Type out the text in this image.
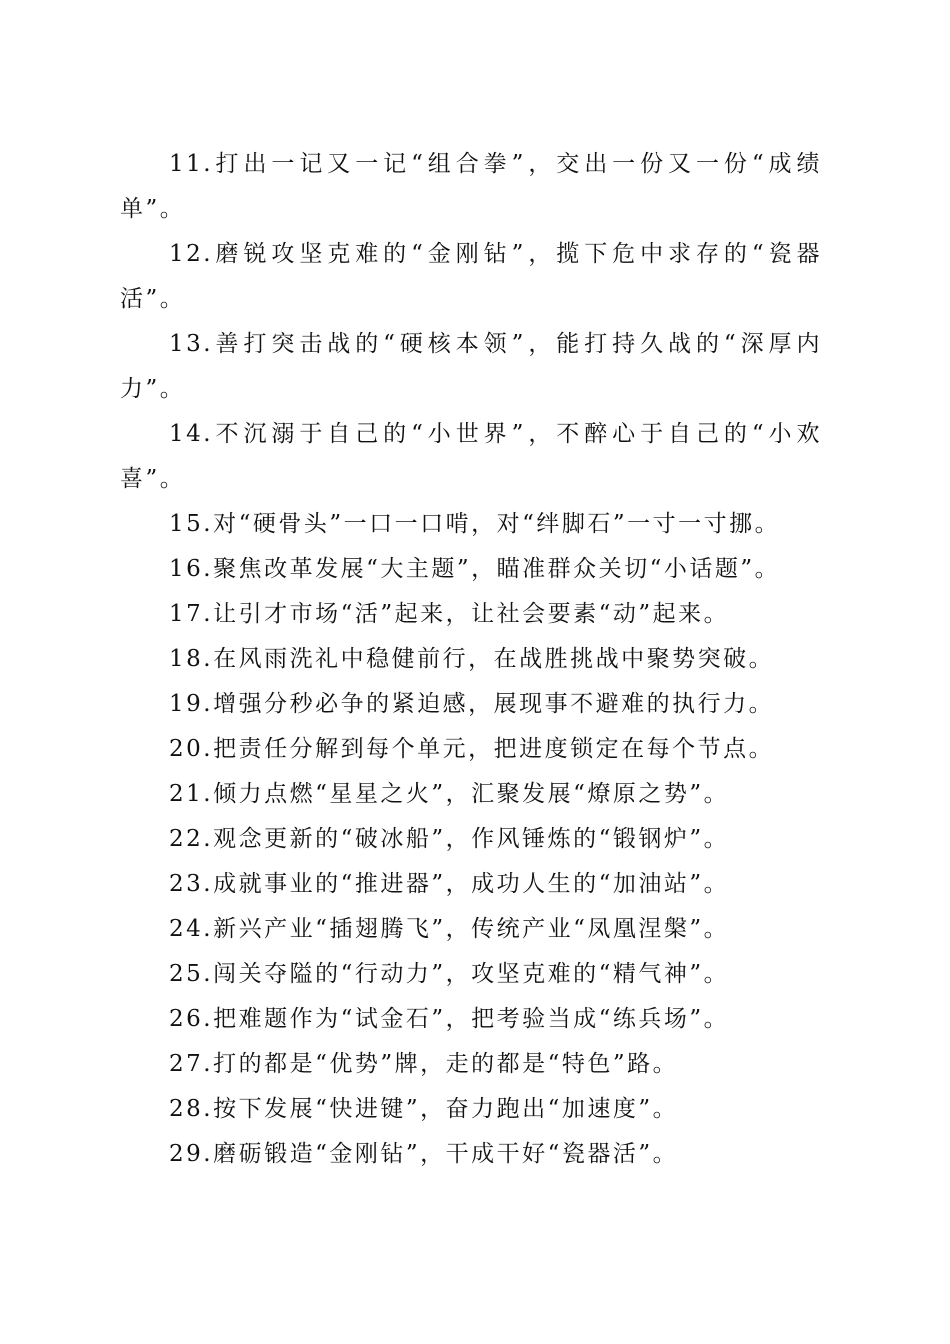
11.打出一记又一记“组合拳”，交出一份又一份“成绩单”。

12.磨锐攻坚克难的“金刚钻”，揽下危中求存的“瓷器活”。

13.善打突击战的“硬核本领”，能打持久战的“深厚内力”。

14.不沉溺于自己的“小世界”，不醉心于自己的“小欢喜”。

15.对“硬骨头”一口一口啃，对“绊脚石”一寸一寸挪。

16.聚焦改革发展“大主题”，瞄准群众关切“小话题”。

17.让引才市场“活”起来，让社会要素“动”起来。

18.在风雨洗礼中稳健前行，在战胜挑战中聚势突破。

19.增强分秒必争的紧迫感，展现事不避难的执行力。

20.把责任分解到每个单元，把进度锁定在每个节点。

21.倾力点燃“星星之火”，汇聚发展“燎原之势”。

22.观念更新的“破冰船”，作风锤炼的“锻钢炉”。

23.成就事业的“推进器”，成功人生的“加油站”。

24.新兴产业“插翅腾飞”，传统产业“凤凰涅槃”。

25.闯关夺隘的“行动力”，攻坚克难的“精气神”。

26.把难题作为“试金石”，把考验当成“练兵场”。

27.打的都是“优势”牌，走的都是“特色”路。

28.按下发展“快进键”，奋力跑出“加速度”。

29.磨砺锻造“金刚钻”，干成干好“瓷器活”。
